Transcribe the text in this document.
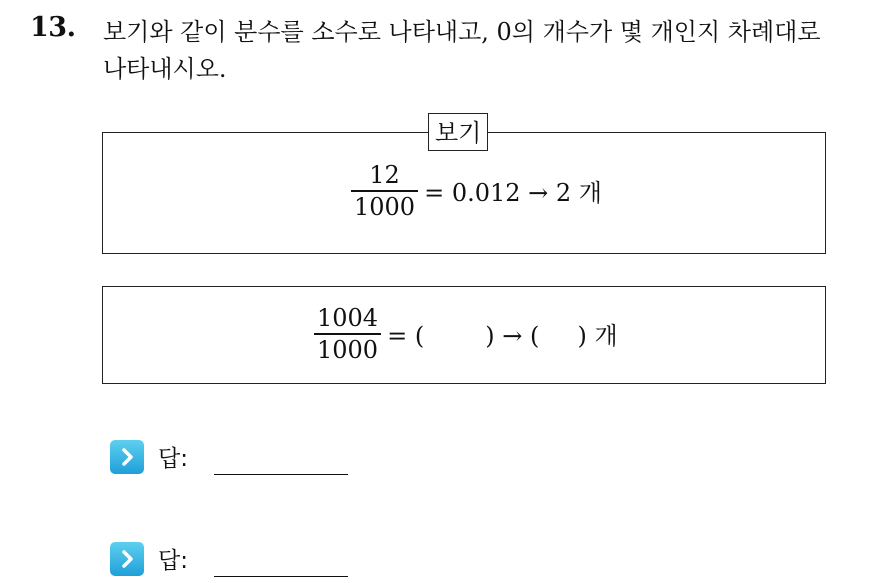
13. 보기와 같이 분수를 소수로 나타내고, 0의 개수가 몇 개인지 차례대로
나타내시오.
보기
$\frac{12}{1000} = 0.012 \to 2$ 개
$\frac{1004}{1000}$ = (        ) → (     ) 개
답:
답:
